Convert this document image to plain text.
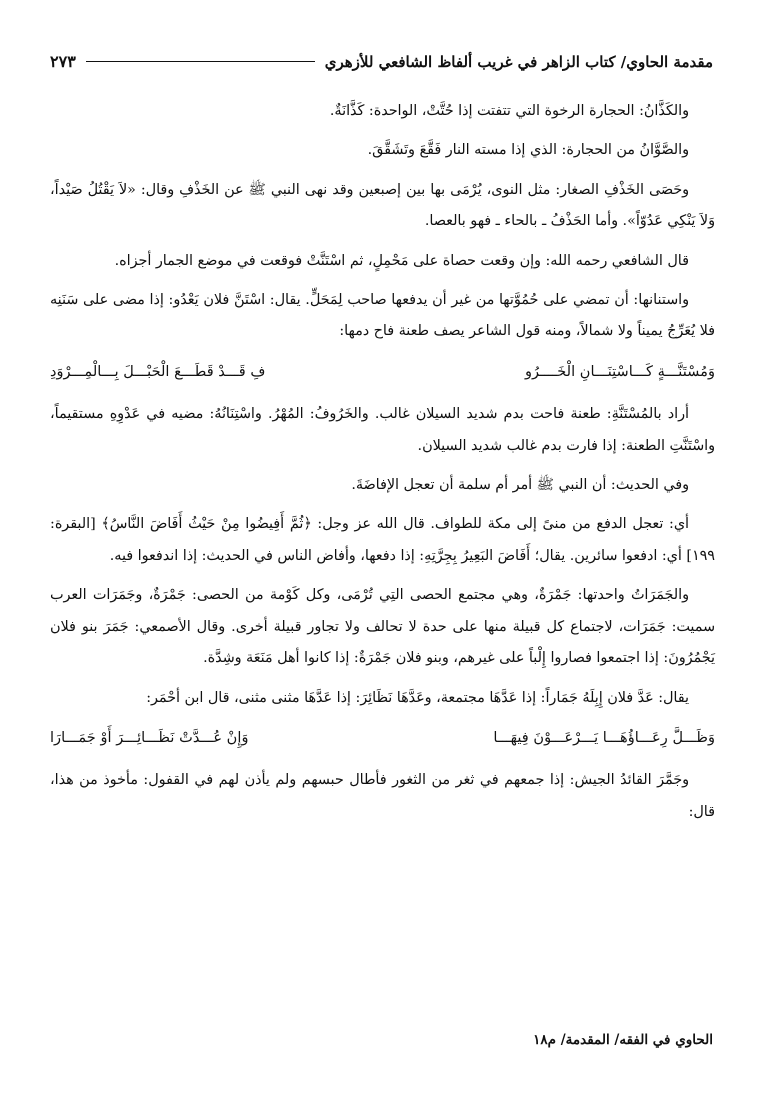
مقدمة الحاوي/ كتاب الزاهر في غريب ألفاظ الشافعي للأزهري
٢٧٣

والكَذَّانُ: الحجارة الرخوة التي تتفتت إذا حُتَّتْ، الواحدة: كَذَّانَةٌ.

والصَّوَّانُ من الحجارة: الذي إذا مسته النار فَقَّعَ وتَشَقَّقَ.

وحَصَى الخَذْفِ الصغار: مثل النوى، يُرْمَى بها بين إصبعين وقد نهى النبي ﷺ عن الخَذْفِ وقال: «لاَ يَقْتُلُ صَيْداً، وَلاَ يَنْكِي عَدُوّاً». وأما الحَذْفُ ـ بالحاء ـ فهو بالعصا.

قال الشافعي رحمه الله: وإن وقعت حصاة على مَحْمِلٍ، ثم اسْتَنَّتْ فوقعت في موضع الجمار أجزاه.

واستنانها: أن تمضي على حُمُوَّتها من غير أن يدفعها صاحب لِمَحَلٍّ. يقال: اسْتَنَّ فلان يَعْدُو: إذا مضى على سَنَنِه فلا يُعَرِّجُ يميناً ولا شمالاً، ومنه قول الشاعر يصف طعنة فاح دمها:

وَمُسْتَنَّـــةٍ كَـــاسْتِنَـــانِ الْخَــــرُو
فِ قَـــدْ قَطَـــعَ الْحَبْـــلَ بِـــالْمِـــرْوَدِ

أراد بالمُسْتَنَّةِ: طعنة فاحت بدم شديد السيلان غالب. والخَرُوفُ: المُهْرُ. واسْتِنَانُهُ: مضيه في عَدْوِهِ مستقيماً، واسْتَنَّتِ الطعنة: إذا فارت بدم غالب شديد السيلان.

وفي الحديث: أن النبي ﷺ أمر أم سلمة أن تعجل الإفاضَةَ.

أي: تعجل الدفع من منىً إلى مكة للطواف. قال الله عز وجل: ﴿ثُمَّ أَفِيضُوا مِنْ حَيْثُ أَفَاضَ النَّاسُ﴾ [البقرة: ١٩٩] أي: ادفعوا سائرين. يقال؛ أَفَاضَ البَعِيرُ بِجِرَّتِهِ: إذا دفعها، وأفاض الناس في الحديث: إذا اندفعوا فيه.

والجَمَرَاتُ واحدتها: جَمْرَةٌ، وهي مجتمع الحصى التِي تُرْمَى، وكل كَوْمة من الحصى: جَمْرَةٌ، وجَمَرَات العرب سميت: جَمَرَات، لاجتماع كل قبيلة منها على حدة لا تحالف ولا تجاور قبيلة أخرى. وقال الأصمعي: جَمَرَ بنو فلان يَجْمُرُونَ: إذا اجتمعوا فصاروا إِلْباً على غيرهم، وبنو فلان جَمْرَةٌ: إذا كانوا أهل مَنَعَة وشِدَّة.

يقال: عَدَّ فلان إِبِلَهُ جَمَاراً: إذا عَدَّهَا مجتمعة، وعَدَّهَا نَظَائِرَ: إذا عَدَّهَا مثنى مثنى، قال ابن أحْمَر:

وَظَـــلَّ رِعَـــاؤُهَـــا يَـــرْعَـــوْنَ فِيهَـــا
وَإِنْ عُـــدَّتْ نَظَـــائِـــرَ أَوْ جَمَـــارَا

وجَمَّرَ القائدُ الجيش: إذا جمعهم في ثغر من الثغور فأطال حبسهم ولم يأذن لهم في القفول: مأخوذ من هذا، قال:

الحاوي في الفقه/ المقدمة/ م١٨
